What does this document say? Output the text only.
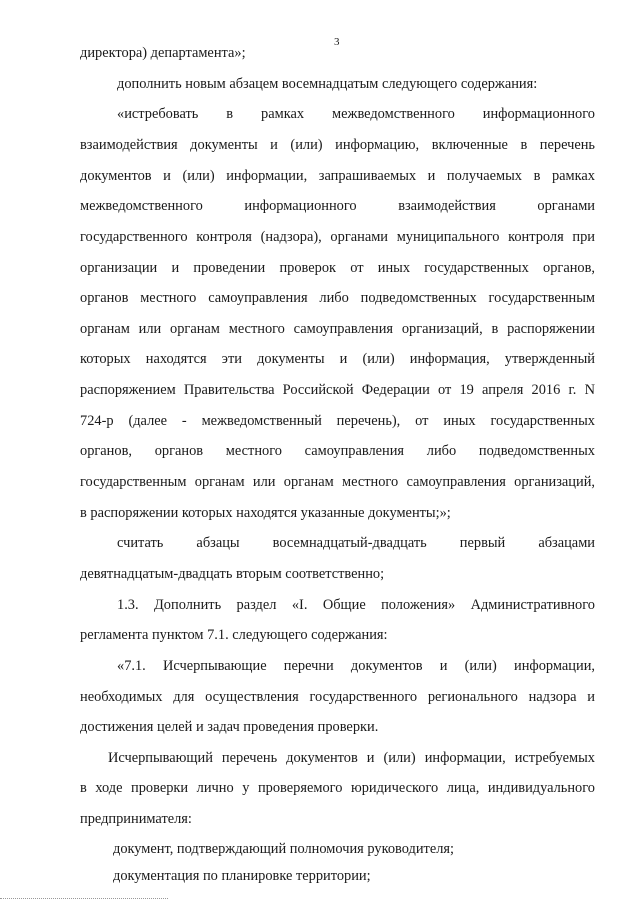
3
директора) департамента»;
дополнить новым абзацем восемнадцатым следующего содержания:
«истребовать в рамках межведомственного информационного
взаимодействия документы и (или) информацию, включенные в перечень
документов и (или) информации, запрашиваемых и получаемых в рамках
межведомственного информационного взаимодействия органами
государственного контроля (надзора), органами муниципального контроля при
организации и проведении проверок от иных государственных органов,
органов местного самоуправления либо подведомственных государственным
органам или органам местного самоуправления организаций, в распоряжении
которых находятся эти документы и (или) информация, утвержденный
распоряжением Правительства Российской Федерации от 19 апреля 2016 г. N
724-р (далее - межведомственный перечень), от иных государственных
органов, органов местного самоуправления либо подведомственных
государственным органам или органам местного самоуправления организаций,
в распоряжении которых находятся указанные документы;»;
считать абзацы восемнадцатый-двадцать первый абзацами
девятнадцатым-двадцать вторым соответственно;
1.3. Дополнить раздел «I. Общие положения» Административного
регламента пунктом 7.1. следующего содержания:
«7.1. Исчерпывающие перечни документов и (или) информации,
необходимых для осуществления государственного регионального надзора и
достижения целей и задач проведения проверки.
Исчерпывающий перечень документов и (или) информации, истребуемых
в ходе проверки лично у проверяемого юридического лица, индивидуального
предпринимателя:
документ, подтверждающий полномочия руководителя;
документация по планировке территории;
